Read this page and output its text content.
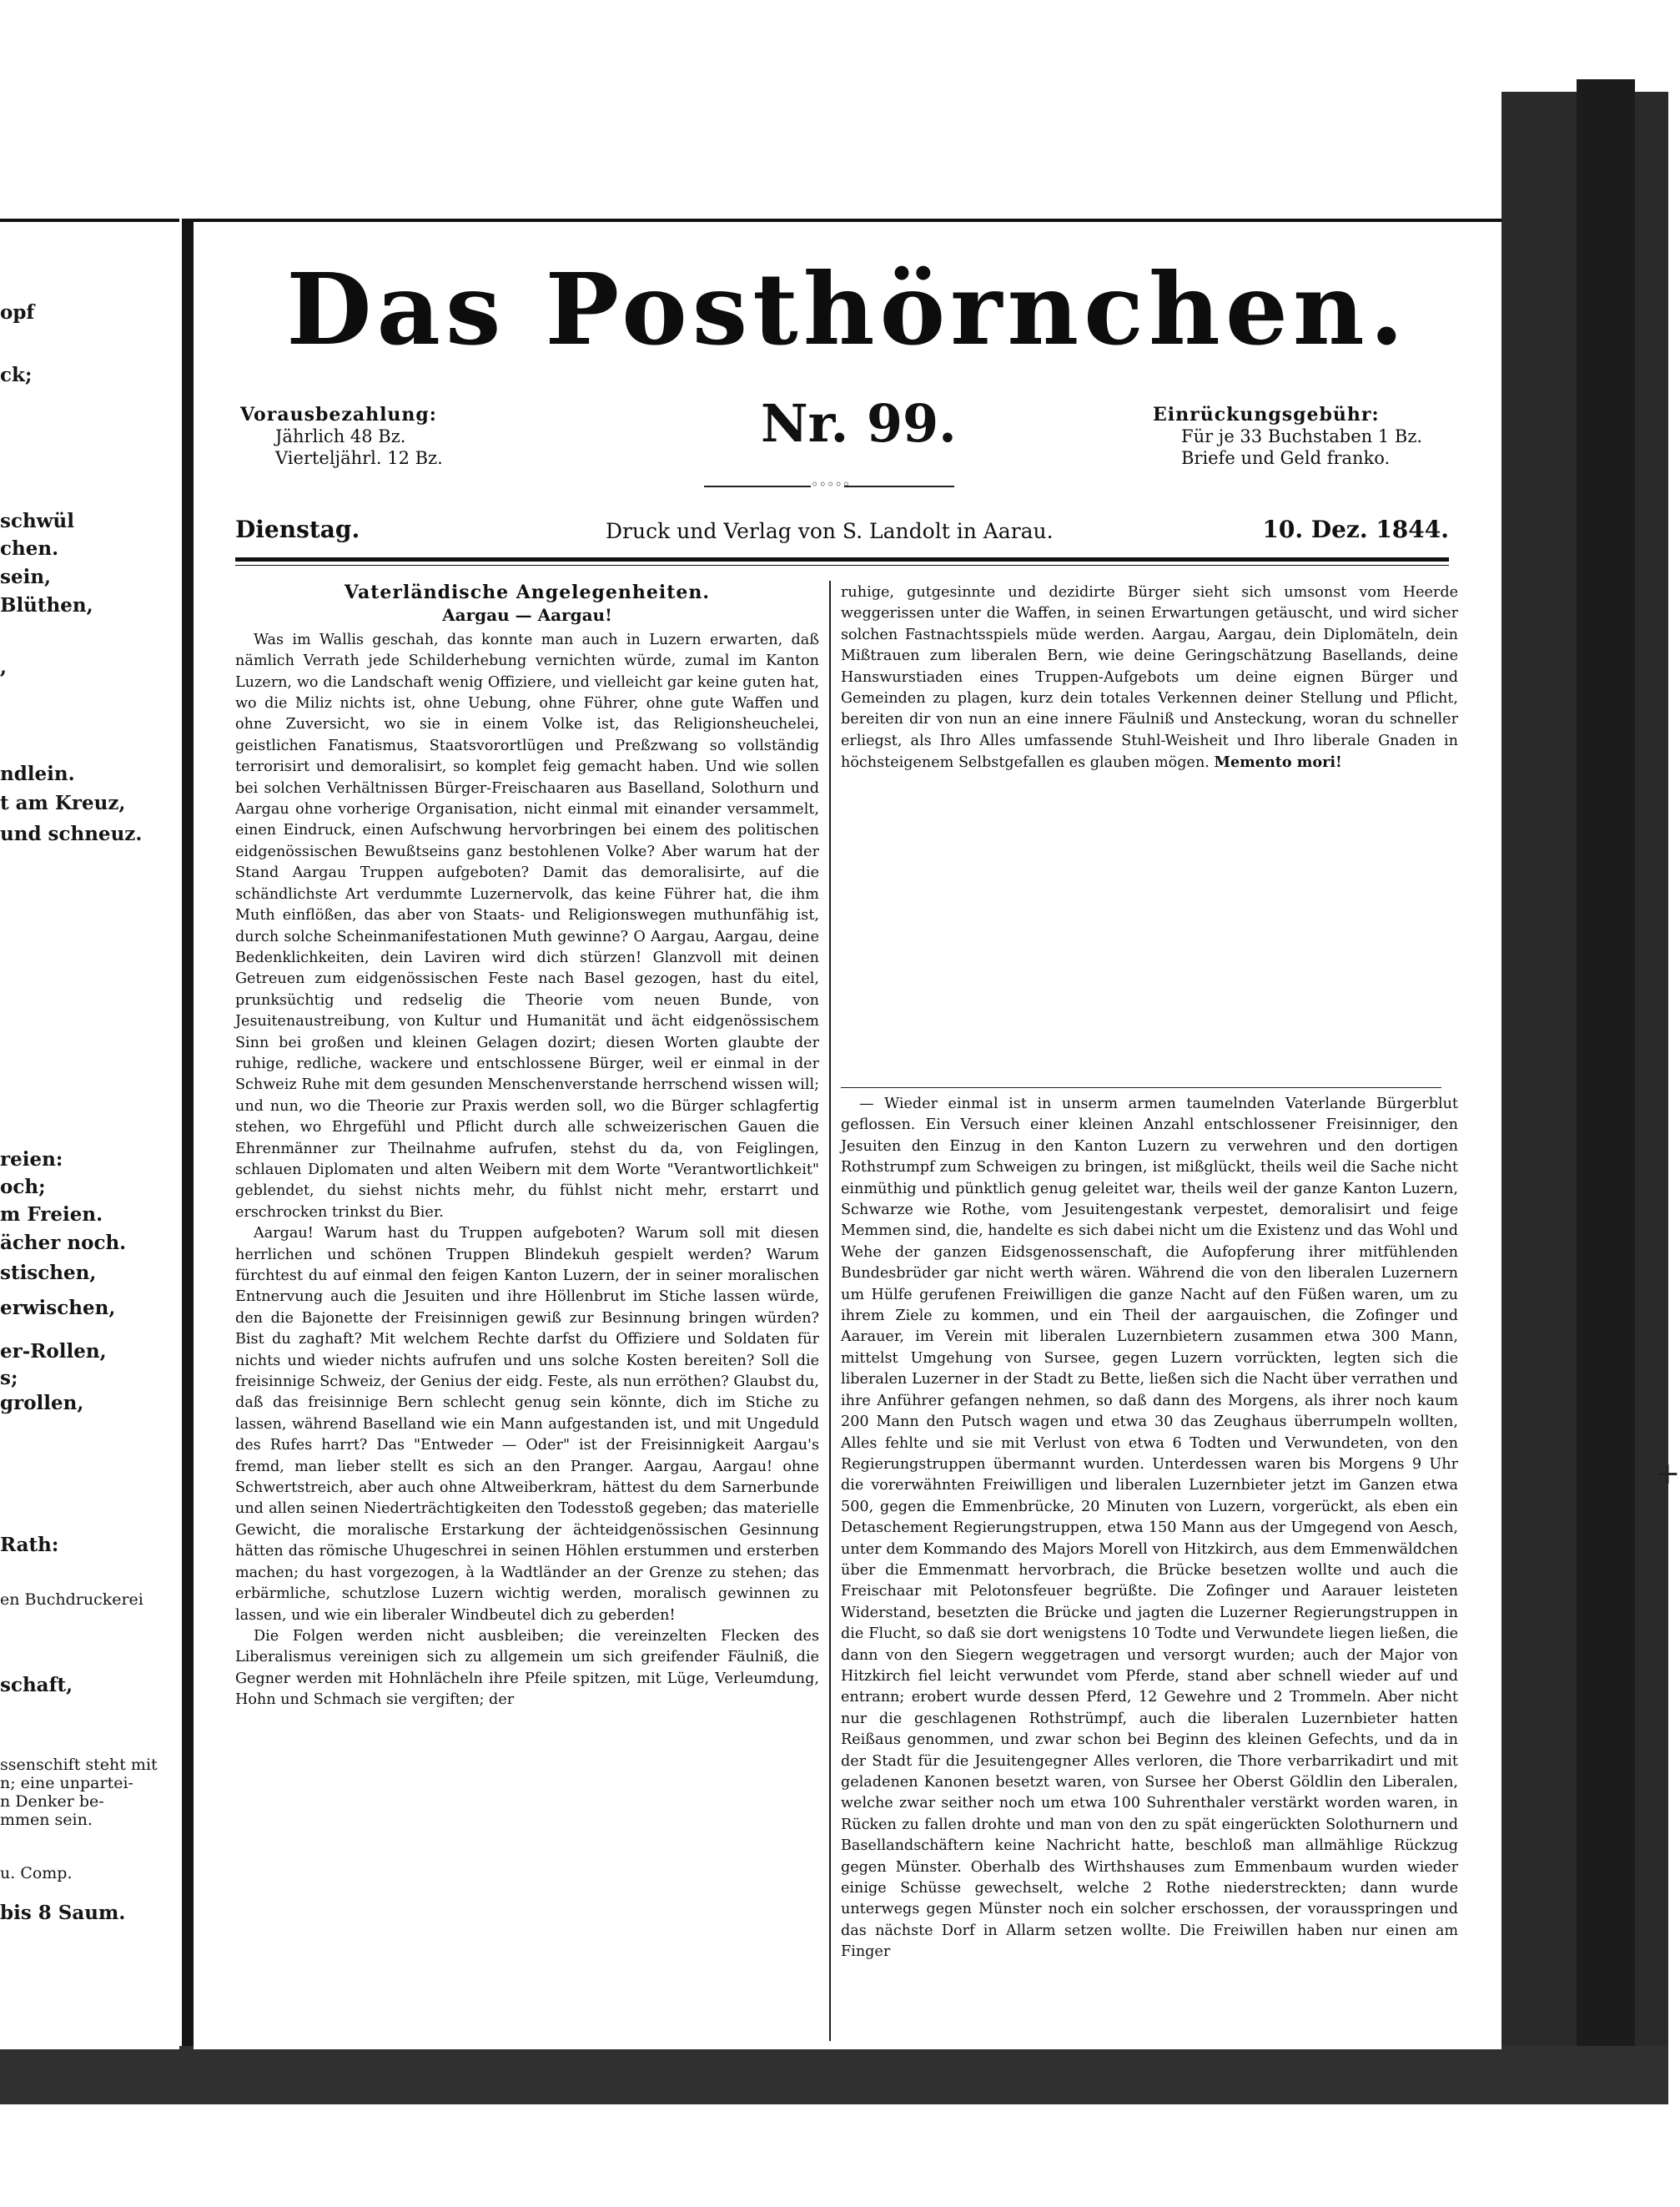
opf
ck;
schwül
chen.
sein,
Blüthen,
,
ndlein.
t am Kreuz,
und schneuz.
reien:
och;
m Freien.
ächer noch.
stischen,
erwischen,
er-Rollen,
s;
grollen,
Rath:
en Buchdruckerei
schaft,
ssenschift steht mit
n; eine unpartei-
n Denker be-
mmen sein.
u. Comp.
bis 8 Saum.
Das Posthörnchen.
Vorausbezahlung:
Jährlich 48 Bz.
Vierteljährl. 12 Bz.
Nr. 99.	Einrückungsgebühr:
Für je 33 Buchstaben 1 Bz.
Briefe und Geld franko.
◦◦◦◦◦
Dienstag.	Druck und Verlag von S. Landolt in Aarau.	10. Dez. 1844.
Vaterländische Angelegenheiten.
Aargau — Aargau!

Was im Wallis geschah, das konnte man auch in Luzern erwarten, daß nämlich Verrath jede Schilderhebung vernichten würde, zumal im Kanton Luzern, wo die Landschaft wenig Offiziere, und vielleicht gar keine guten hat, wo die Miliz nichts ist, ohne Uebung, ohne Führer, ohne gute Waffen und ohne Zuversicht, wo sie in einem Volke ist, das Religionsheuchelei, geistlichen Fanatismus, Staatsvorortlügen und Preßzwang so vollständig terrorisirt und demoralisirt, so komplet feig gemacht haben. Und wie sollen bei solchen Verhältnissen Bürger-Freischaaren aus Baselland, Solothurn und Aargau ohne vorherige Organisation, nicht einmal mit einander versammelt, einen Eindruck, einen Aufschwung hervorbringen bei einem des politischen eidgenössischen Bewußtseins ganz bestohlenen Volke? Aber warum hat der Stand Aargau Truppen aufgeboten? Damit das demoralisirte, auf die schändlichste Art verdummte Luzernervolk, das keine Führer hat, die ihm Muth einflößen, das aber von Staats- und Religionswegen muthunfähig ist, durch solche Scheinmanifestationen Muth gewinne? O Aargau, Aargau, deine Bedenklichkeiten, dein Laviren wird dich stürzen! Glanzvoll mit deinen Getreuen zum eidgenössischen Feste nach Basel gezogen, hast du eitel, prunksüchtig und redselig die Theorie vom neuen Bunde, von Jesuitenaustreibung, von Kultur und Humanität und ächt eidgenössischem Sinn bei großen und kleinen Gelagen dozirt; diesen Worten glaubte der ruhige, redliche, wackere und entschlossene Bürger, weil er einmal in der Schweiz Ruhe mit dem gesunden Menschenverstande herrschend wissen will; und nun, wo die Theorie zur Praxis werden soll, wo die Bürger schlagfertig stehen, wo Ehrgefühl und Pflicht durch alle schweizerischen Gauen die Ehrenmänner zur Theilnahme aufrufen, stehst du da, von Feiglingen, schlauen Diplomaten und alten Weibern mit dem Worte "Verantwortlichkeit" geblendet, du siehst nichts mehr, du fühlst nicht mehr, erstarrt und erschrocken trinkst du Bier.

Aargau! Warum hast du Truppen aufgeboten? Warum soll mit diesen herrlichen und schönen Truppen Blindekuh gespielt werden? Warum fürchtest du auf einmal den feigen Kanton Luzern, der in seiner moralischen Entnervung auch die Jesuiten und ihre Höllenbrut im Stiche lassen würde, den die Bajonette der Freisinnigen gewiß zur Besinnung bringen würden? Bist du zaghaft? Mit welchem Rechte darfst du Offiziere und Soldaten für nichts und wieder nichts aufrufen und uns solche Kosten bereiten? Soll die freisinnige Schweiz, der Genius der eidg. Feste, als nun erröthen? Glaubst du, daß das freisinnige Bern schlecht genug sein könnte, dich im Stiche zu lassen, während Baselland wie ein Mann aufgestanden ist, und mit Ungeduld des Rufes harrt? Das "Entweder — Oder" ist der Freisinnigkeit Aargau's fremd, man lieber stellt es sich an den Pranger. Aargau, Aargau! ohne Schwertstreich, aber auch ohne Altweiberkram, hättest du dem Sarnerbunde und allen seinen Niederträchtigkeiten den Todesstoß gegeben; das materielle Gewicht, die moralische Erstarkung der ächteidgenössischen Gesinnung hätten das römische Uhugeschrei in seinen Höhlen erstummen und ersterben machen; du hast vorgezogen, à la Wadtländer an der Grenze zu stehen; das erbärmliche, schutzlose Luzern wichtig werden, moralisch gewinnen zu lassen, und wie ein liberaler Windbeutel dich zu geberden!

Die Folgen werden nicht ausbleiben; die vereinzelten Flecken des Liberalismus vereinigen sich zu allgemein um sich greifender Fäulniß, die Gegner werden mit Hohnlächeln ihre Pfeile spitzen, mit Lüge, Verleumdung, Hohn und Schmach sie vergiften; der

ruhige, gutgesinnte und dezidirte Bürger sieht sich umsonst vom Heerde weggerissen unter die Waffen, in seinen Erwartungen getäuscht, und wird sicher solchen Fastnachtsspiels müde werden. Aargau, Aargau, dein Diplomäteln, dein Mißtrauen zum liberalen Bern, wie deine Geringschätzung Basellands, deine Hanswurstiaden eines Truppen-Aufgebots um deine eignen Bürger und Gemeinden zu plagen, kurz dein totales Verkennen deiner Stellung und Pflicht, bereiten dir von nun an eine innere Fäulniß und Ansteckung, woran du schneller erliegst, als Ihro Alles umfassende Stuhl-Weisheit und Ihro liberale Gnaden in höchsteigenem Selbstgefallen es glauben mögen. Memento mori!

— Wieder einmal ist in unserm armen taumelnden Vaterlande Bürgerblut geflossen. Ein Versuch einer kleinen Anzahl entschlossener Freisinniger, den Jesuiten den Einzug in den Kanton Luzern zu verwehren und den dortigen Rothstrumpf zum Schweigen zu bringen, ist mißglückt, theils weil die Sache nicht einmüthig und pünktlich genug geleitet war, theils weil der ganze Kanton Luzern, Schwarze wie Rothe, vom Jesuitengestank verpestet, demoralisirt und feige Memmen sind, die, handelte es sich dabei nicht um die Existenz und das Wohl und Wehe der ganzen Eidsgenossenschaft, die Aufopferung ihrer mitfühlenden Bundesbrüder gar nicht werth wären. Während die von den liberalen Luzernern um Hülfe gerufenen Freiwilligen die ganze Nacht auf den Füßen waren, um zu ihrem Ziele zu kommen, und ein Theil der aargauischen, die Zofinger und Aarauer, im Verein mit liberalen Luzernbietern zusammen etwa 300 Mann, mittelst Umgehung von Sursee, gegen Luzern vorrückten, legten sich die liberalen Luzerner in der Stadt zu Bette, ließen sich die Nacht über verrathen und ihre Anführer gefangen nehmen, so daß dann des Morgens, als ihrer noch kaum 200 Mann den Putsch wagen und etwa 30 das Zeughaus überrumpeln wollten, Alles fehlte und sie mit Verlust von etwa 6 Todten und Verwundeten, von den Regierungstruppen übermannt wurden. Unterdessen waren bis Morgens 9 Uhr die vorerwähnten Freiwilligen und liberalen Luzernbieter jetzt im Ganzen etwa 500, gegen die Emmenbrücke, 20 Minuten von Luzern, vorgerückt, als eben ein Detaschement Regierungstruppen, etwa 150 Mann aus der Umgegend von Aesch, unter dem Kommando des Majors Morell von Hitzkirch, aus dem Emmenwäldchen über die Emmenmatt hervorbrach, die Brücke besetzen wollte und auch die Freischaar mit Pelotonsfeuer begrüßte. Die Zofinger und Aarauer leisteten Widerstand, besetzten die Brücke und jagten die Luzerner Regierungstruppen in die Flucht, so daß sie dort wenigstens 10 Todte und Verwundete liegen ließen, die dann von den Siegern weggetragen und versorgt wurden; auch der Major von Hitzkirch fiel leicht verwundet vom Pferde, stand aber schnell wieder auf und entrann; erobert wurde dessen Pferd, 12 Gewehre und 2 Trommeln. Aber nicht nur die geschlagenen Rothstrümpf, auch die liberalen Luzernbieter hatten Reißaus genommen, und zwar schon bei Beginn des kleinen Gefechts, und da in der Stadt für die Jesuitengegner Alles verloren, die Thore verbarrikadirt und mit geladenen Kanonen besetzt waren, von Sursee her Oberst Göldlin den Liberalen, welche zwar seither noch um etwa 100 Suhrenthaler verstärkt worden waren, in Rücken zu fallen drohte und man von den zu spät eingerückten Solothurnern und Basellandschäftern keine Nachricht hatte, beschloß man allmählige Rückzug gegen Münster. Oberhalb des Wirthshauses zum Emmenbaum wurden wieder einige Schüsse gewechselt, welche 2 Rothe niederstreckten; dann wurde unterwegs gegen Münster noch ein solcher erschossen, der vorausspringen und das nächste Dorf in Allarm setzen wollte. Die Freiwillen haben nur einen am Finger

+
